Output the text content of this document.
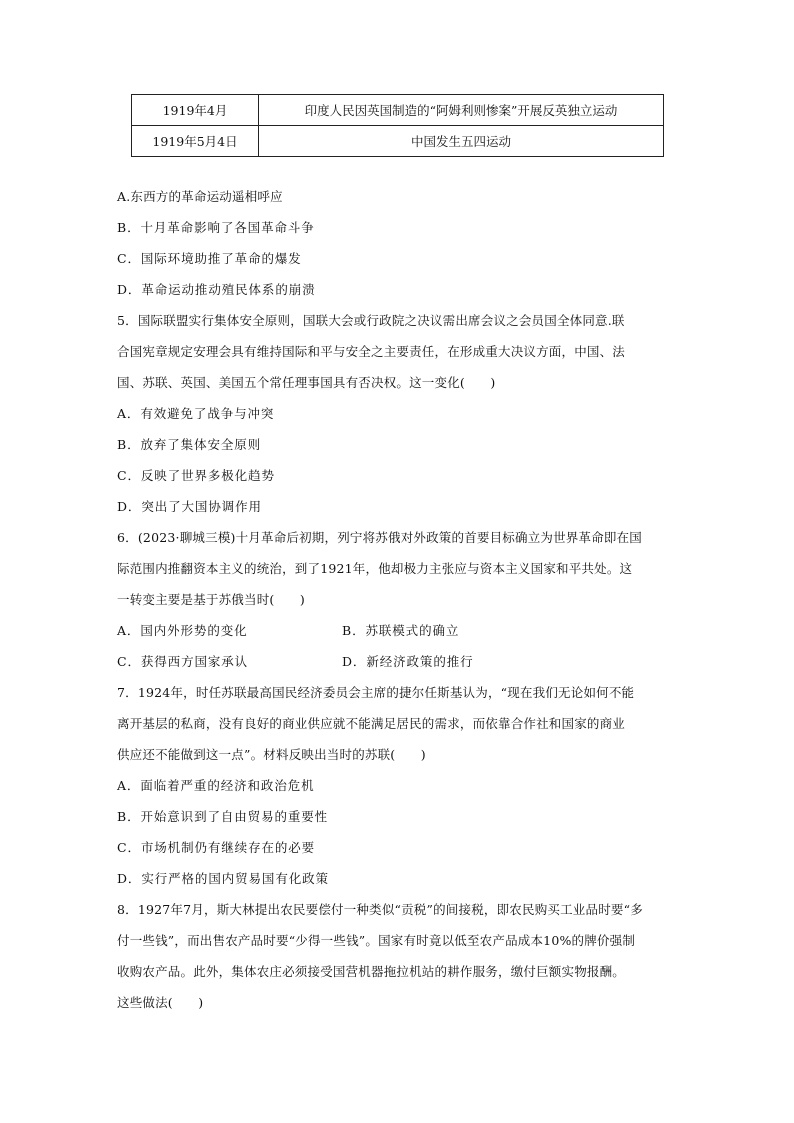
1919年4月	印度人民因英国制造的“阿姆利则惨案”开展反英独立运动
1919年5月4日	中国发生五四运动
A.东西方的革命运动遥相呼应
B．十月革命影响了各国革命斗争
C．国际环境助推了革命的爆发
D．革命运动推动殖民体系的崩溃
5．国际联盟实行集体安全原则，国联大会或行政院之决议需出席会议之会员国全体同意.联
合国宪章规定安理会具有维持国际和平与安全之主要责任，在形成重大决议方面，中国、法
国、苏联、英国、美国五个常任理事国具有否决权。这一变化(　　)
A．有效避免了战争与冲突
B．放弃了集体安全原则
C．反映了世界多极化趋势
D．突出了大国协调作用
6．(2023·聊城三模)十月革命后初期，列宁将苏俄对外政策的首要目标确立为世界革命即在国
际范围内推翻资本主义的统治，到了1921年，他却极力主张应与资本主义国家和平共处。这
一转变主要是基于苏俄当时(　　)
A．国内外形势的变化	B．苏联模式的确立
C．获得西方国家承认	D．新经济政策的推行
7．1924年，时任苏联最高国民经济委员会主席的捷尔任斯基认为，“现在我们无论如何不能
离开基层的私商，没有良好的商业供应就不能满足居民的需求，而依靠合作社和国家的商业
供应还不能做到这一点”。材料反映出当时的苏联(　　)
A．面临着严重的经济和政治危机
B．开始意识到了自由贸易的重要性
C．市场机制仍有继续存在的必要
D．实行严格的国内贸易国有化政策
8．1927年7月，斯大林提出农民要偿付一种类似“贡税”的间接税，即农民购买工业品时要“多
付一些钱”，而出售农产品时要“少得一些钱”。国家有时竟以低至农产品成本10%的牌价强制
收购农产品。此外，集体农庄必须接受国营机器拖拉机站的耕作服务，缴付巨额实物报酬。
这些做法(　　)
